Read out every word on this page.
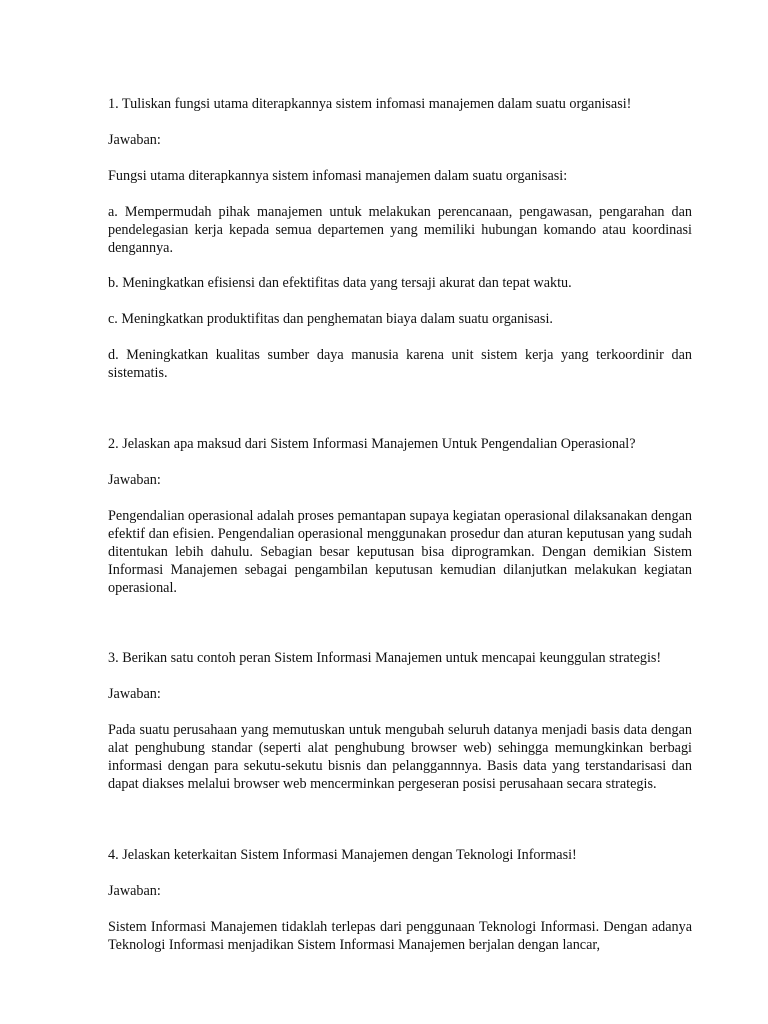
1. Tuliskan fungsi utama diterapkannya sistem infomasi manajemen dalam suatu organisasi!

Jawaban:

Fungsi utama diterapkannya sistem infomasi manajemen dalam suatu organisasi:

a. Mempermudah pihak manajemen untuk melakukan perencanaan, pengawasan, pengarahan dan pendelegasian kerja kepada semua departemen yang memiliki hubungan komando atau koordinasi dengannya.

b. Meningkatkan efisiensi dan efektifitas data yang tersaji akurat dan tepat waktu.

c. Meningkatkan produktifitas dan penghematan biaya dalam suatu organisasi.

d. Meningkatkan kualitas sumber daya manusia karena unit sistem kerja yang terkoordinir dan sistematis.

2. Jelaskan apa maksud dari Sistem Informasi Manajemen Untuk Pengendalian Operasional?

Jawaban:

Pengendalian operasional adalah proses pemantapan supaya kegiatan operasional dilaksanakan dengan efektif dan efisien. Pengendalian operasional menggunakan prosedur dan aturan keputusan yang sudah ditentukan lebih dahulu. Sebagian besar keputusan bisa diprogramkan. Dengan demikian Sistem Informasi Manajemen sebagai pengambilan keputusan kemudian dilanjutkan melakukan kegiatan operasional.

3. Berikan satu contoh peran Sistem Informasi Manajemen untuk mencapai keunggulan strategis!

Jawaban:

Pada suatu perusahaan yang memutuskan untuk mengubah seluruh datanya menjadi basis data dengan alat penghubung standar (seperti alat penghubung browser web) sehingga memungkinkan berbagi informasi dengan para sekutu-sekutu bisnis dan pelanggannnya. Basis data yang terstandarisasi dan dapat diakses melalui browser web mencerminkan pergeseran posisi perusahaan secara strategis.

4. Jelaskan keterkaitan Sistem Informasi Manajemen dengan Teknologi Informasi!

Jawaban:

Sistem Informasi Manajemen tidaklah terlepas dari penggunaan Teknologi Informasi. Dengan adanya Teknologi Informasi menjadikan Sistem Informasi Manajemen berjalan dengan lancar,
